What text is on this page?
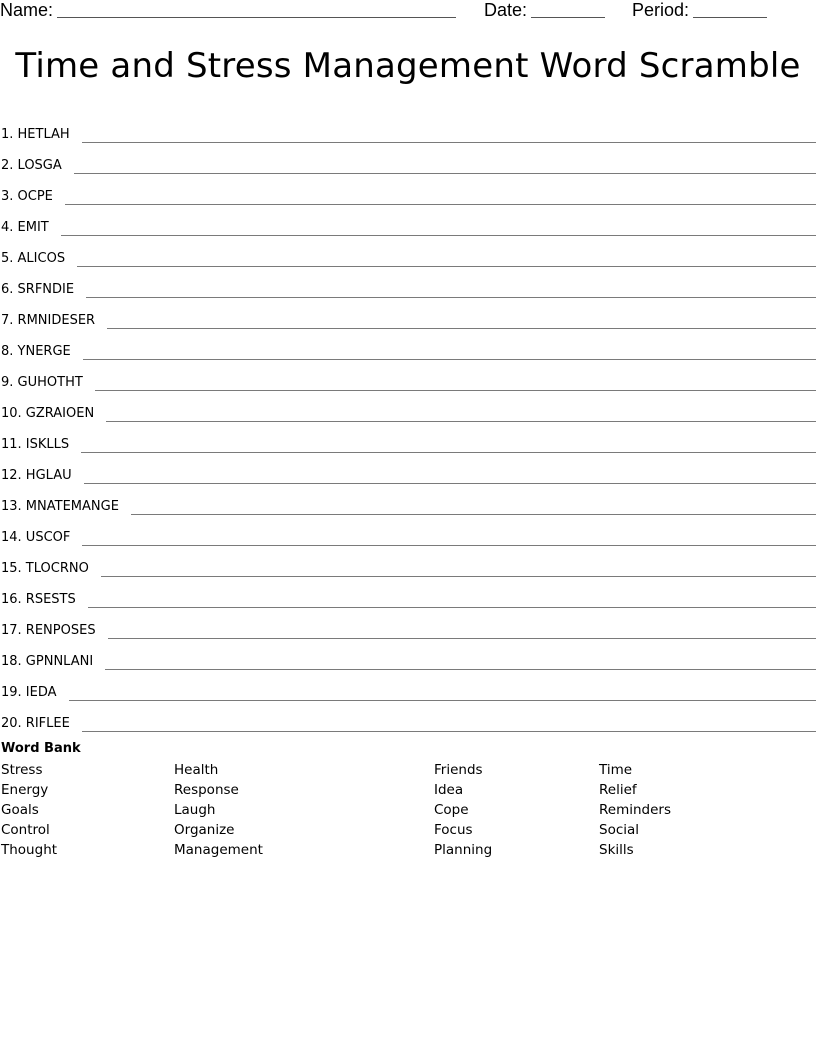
Name:	Date:	Period:
Time and Stress Management Word Scramble
1. HETLAH
2. LOSGA
3. OCPE
4. EMIT
5. ALICOS
6. SRFNDIE
7. RMNIDESER
8. YNERGE
9. GUHOTHT
10. GZRAIOEN
11. ISKLLS
12. HGLAU
13. MNATEMANGE
14. USCOF
15. TLOCRNO
16. RSESTS
17. RENPOSES
18. GPNNLANI
19. IEDA
20. RIFLEE
Word Bank
Stress
Energy
Goals
Control
Thought
Health
Response
Laugh
Organize
Management
Friends
Idea
Cope
Focus
Planning
Time
Relief
Reminders
Social
Skills
